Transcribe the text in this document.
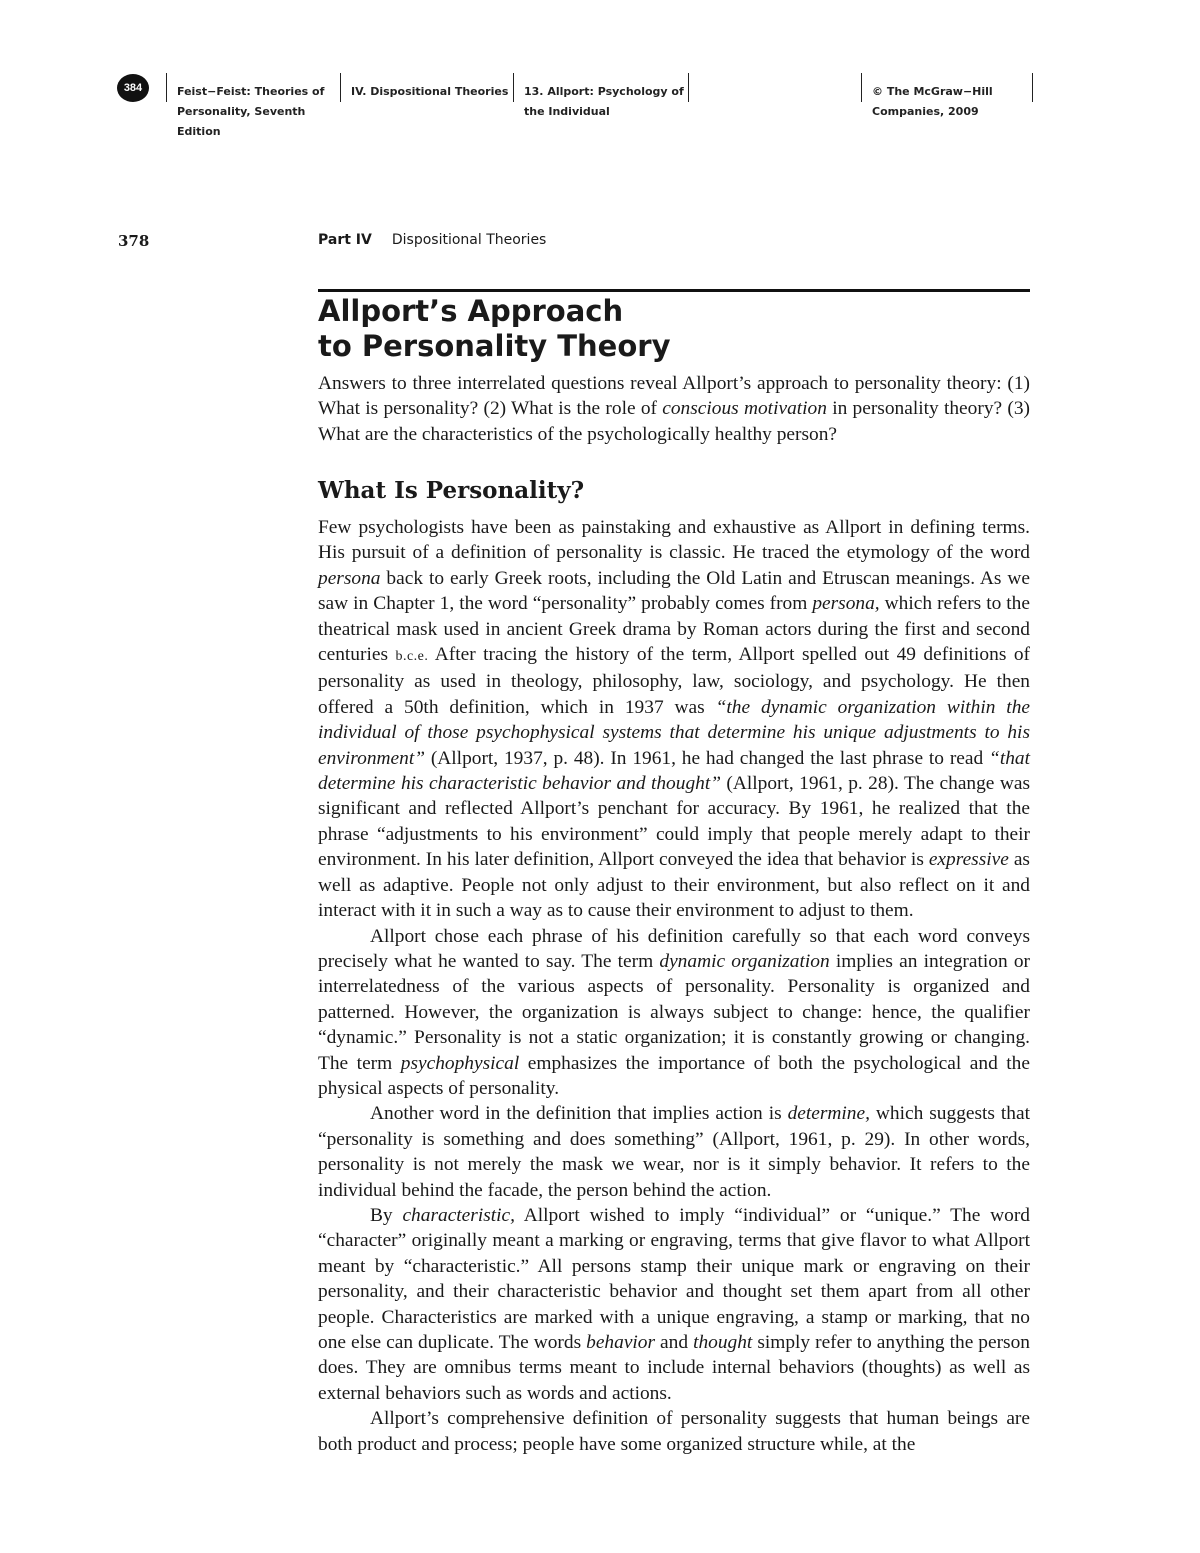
384	Feist−Feist: Theories of
Personality, Seventh
Edition
IV. Dispositional Theories	13. Allport: Psychology of
the Individual
© The McGraw−Hill
Companies, 2009
378	Part IV Dispositional Theories
Allport’s Approach
to Personality Theory
Answers to three interrelated questions reveal Allport’s approach to personality theory: (1) What is personality? (2) What is the role of conscious motivation in personality theory? (3) What are the characteristics of the psychologically healthy person?
What Is Personality?

Few psychologists have been as painstaking and exhaustive as Allport in defining terms. His pursuit of a definition of personality is classic. He traced the etymology of the word persona back to early Greek roots, including the Old Latin and Etruscan meanings. As we saw in Chapter 1, the word “personality” probably comes from persona, which refers to the theatrical mask used in ancient Greek drama by Roman actors during the first and second centuries b.c.e. After tracing the history of the term, Allport spelled out 49 definitions of personality as used in theology, philosophy, law, sociology, and psychology. He then offered a 50th definition, which in 1937 was “the dynamic organization within the individual of those psychophysical systems that determine his unique adjustments to his environment” (Allport, 1937, p. 48). In 1961, he had changed the last phrase to read “that determine his characteristic behavior and thought” (Allport, 1961, p. 28). The change was significant and reflected Allport’s penchant for accuracy. By 1961, he realized that the phrase “adjustments to his environment” could imply that people merely adapt to their environment. In his later definition, Allport conveyed the idea that behavior is expressive as well as adaptive. People not only adjust to their environment, but also reflect on it and interact with it in such a way as to cause their environment to adjust to them.

Allport chose each phrase of his definition carefully so that each word conveys precisely what he wanted to say. The term dynamic organization implies an integration or interrelatedness of the various aspects of personality. Personality is organized and patterned. However, the organization is always subject to change: hence, the qualifier “dynamic.” Personality is not a static organization; it is constantly growing or changing. The term psychophysical emphasizes the importance of both the psychological and the physical aspects of personality.

Another word in the definition that implies action is determine, which suggests that “personality is something and does something” (Allport, 1961, p. 29). In other words, personality is not merely the mask we wear, nor is it simply behavior. It refers to the individual behind the facade, the person behind the action.

By characteristic, Allport wished to imply “individual” or “unique.” The word “character” originally meant a marking or engraving, terms that give flavor to what Allport meant by “characteristic.” All persons stamp their unique mark or engraving on their personality, and their characteristic behavior and thought set them apart from all other people. Characteristics are marked with a unique engraving, a stamp or marking, that no one else can duplicate. The words behavior and thought simply refer to anything the person does. They are omnibus terms meant to include internal behaviors (thoughts) as well as external behaviors such as words and actions.

Allport’s comprehensive definition of personality suggests that human beings are both product and process; people have some organized structure while, at the
